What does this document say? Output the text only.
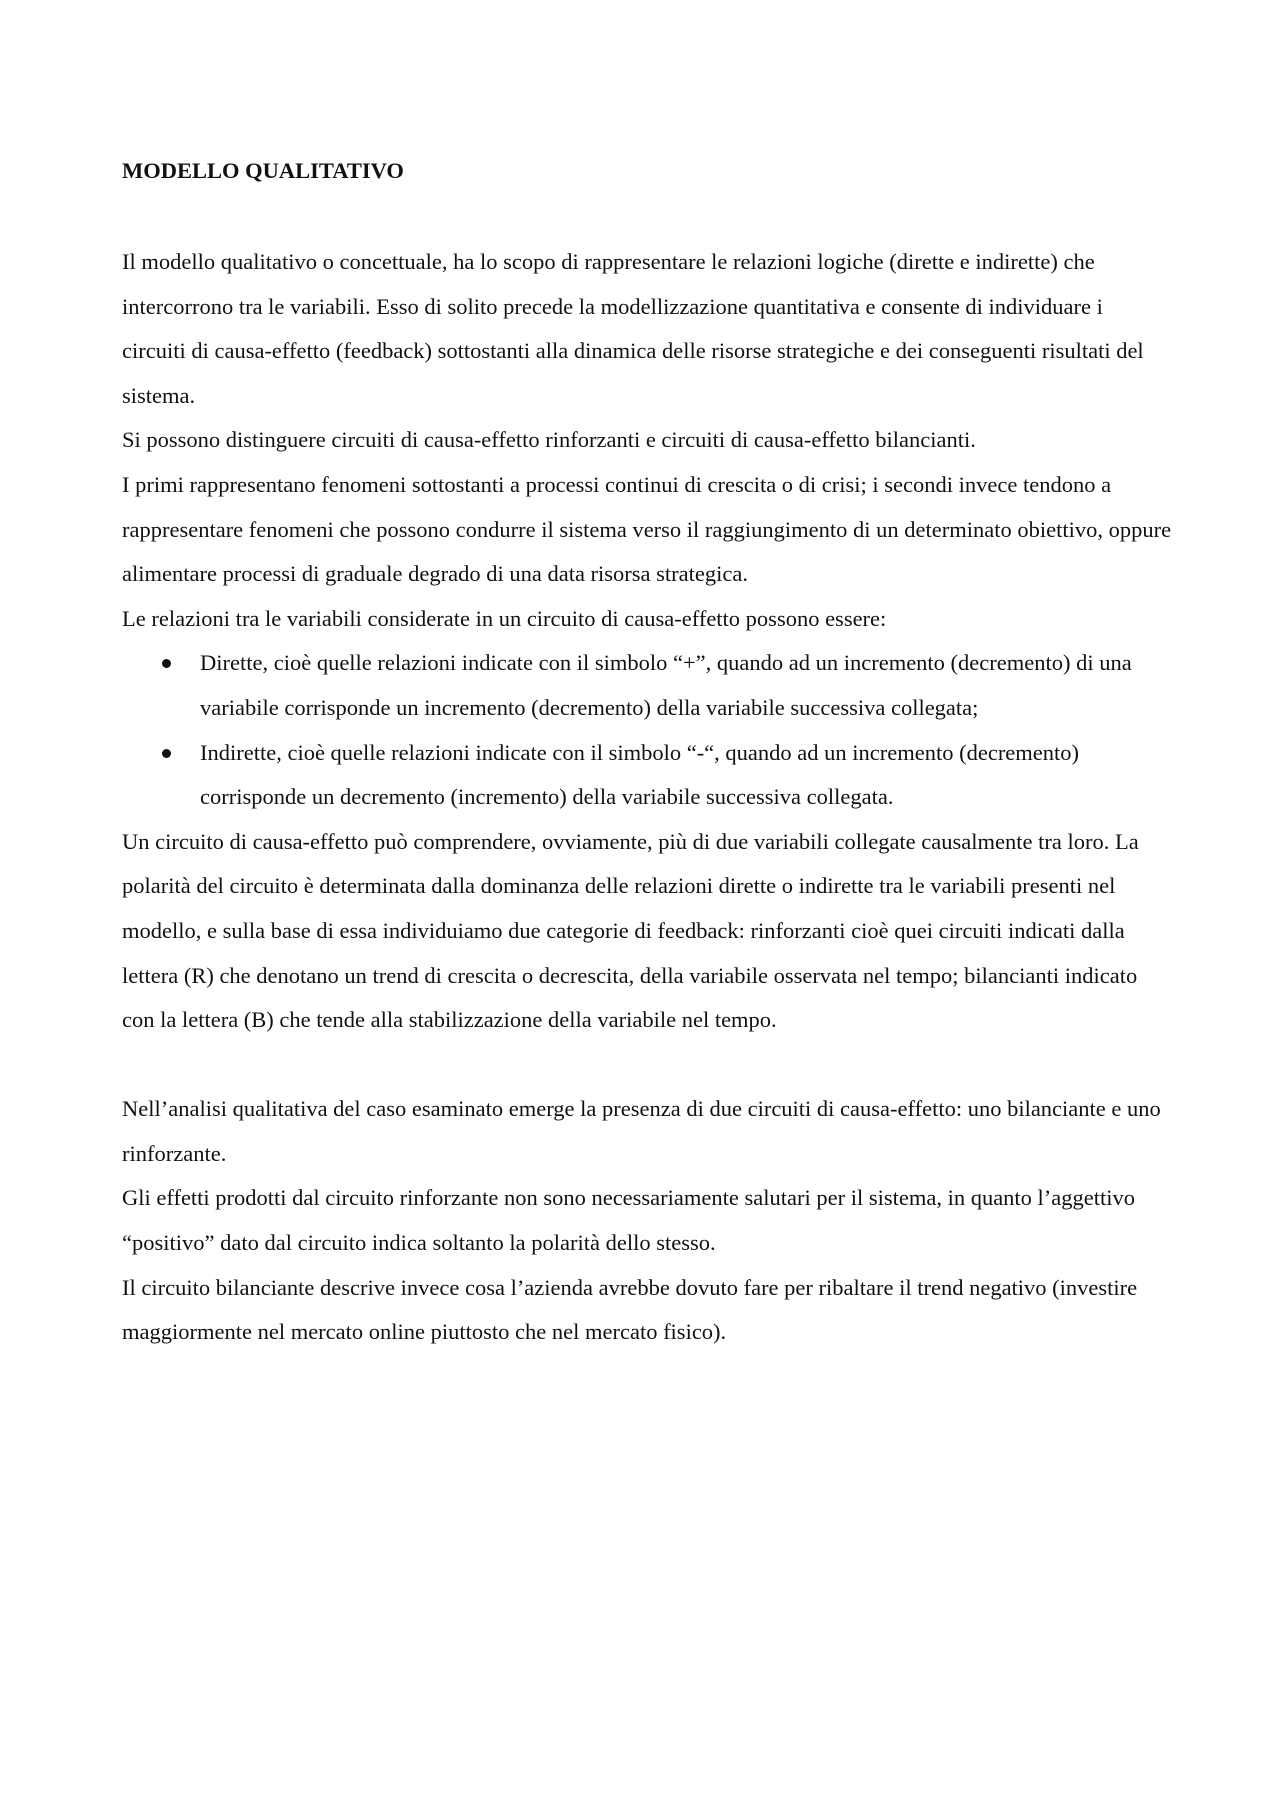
MODELLO QUALITATIVO

Il modello qualitativo o concettuale, ha lo scopo di rappresentare le relazioni logiche (dirette e indirette) che intercorrono tra le variabili. Esso di solito precede la modellizzazione quantitativa e consente di individuare i circuiti di causa-effetto (feedback) sottostanti alla dinamica delle risorse strategiche e dei conseguenti risultati del sistema.

Si possono distinguere circuiti di causa-effetto rinforzanti e circuiti di causa-effetto bilancianti.

I primi rappresentano fenomeni sottostanti a processi continui di crescita o di crisi; i secondi invece tendono a rappresentare fenomeni che possono condurre il sistema verso il raggiungimento di un determinato obiettivo, oppure alimentare processi di graduale degrado di una data risorsa strategica.

Le relazioni tra le variabili considerate in un circuito di causa-effetto possono essere:

Dirette, cioè quelle relazioni indicate con il simbolo “+”, quando ad un incremento (decremento) di una variabile corrisponde un incremento (decremento) della variabile successiva collegata;
Indirette, cioè quelle relazioni indicate con il simbolo “-“, quando ad un incremento (decremento) corrisponde un decremento (incremento) della variabile successiva collegata.

Un circuito di causa-effetto può comprendere, ovviamente, più di due variabili collegate causalmente tra loro. La polarità del circuito è determinata dalla dominanza delle relazioni dirette o indirette tra le variabili presenti nel modello, e sulla base di essa individuiamo due categorie di feedback: rinforzanti cioè quei circuiti indicati dalla lettera (R) che denotano un trend di crescita o decrescita, della variabile osservata nel tempo; bilancianti indicato con la lettera (B) che tende alla stabilizzazione della variabile nel tempo.

Nell’analisi qualitativa del caso esaminato emerge la presenza di due circuiti di causa-effetto: uno bilanciante e uno rinforzante.

Gli effetti prodotti dal circuito rinforzante non sono necessariamente salutari per il sistema, in quanto l’aggettivo “positivo” dato dal circuito indica soltanto la polarità dello stesso.

Il circuito bilanciante descrive invece cosa l’azienda avrebbe dovuto fare per ribaltare il trend negativo (investire maggiormente nel mercato online piuttosto che nel mercato fisico).
